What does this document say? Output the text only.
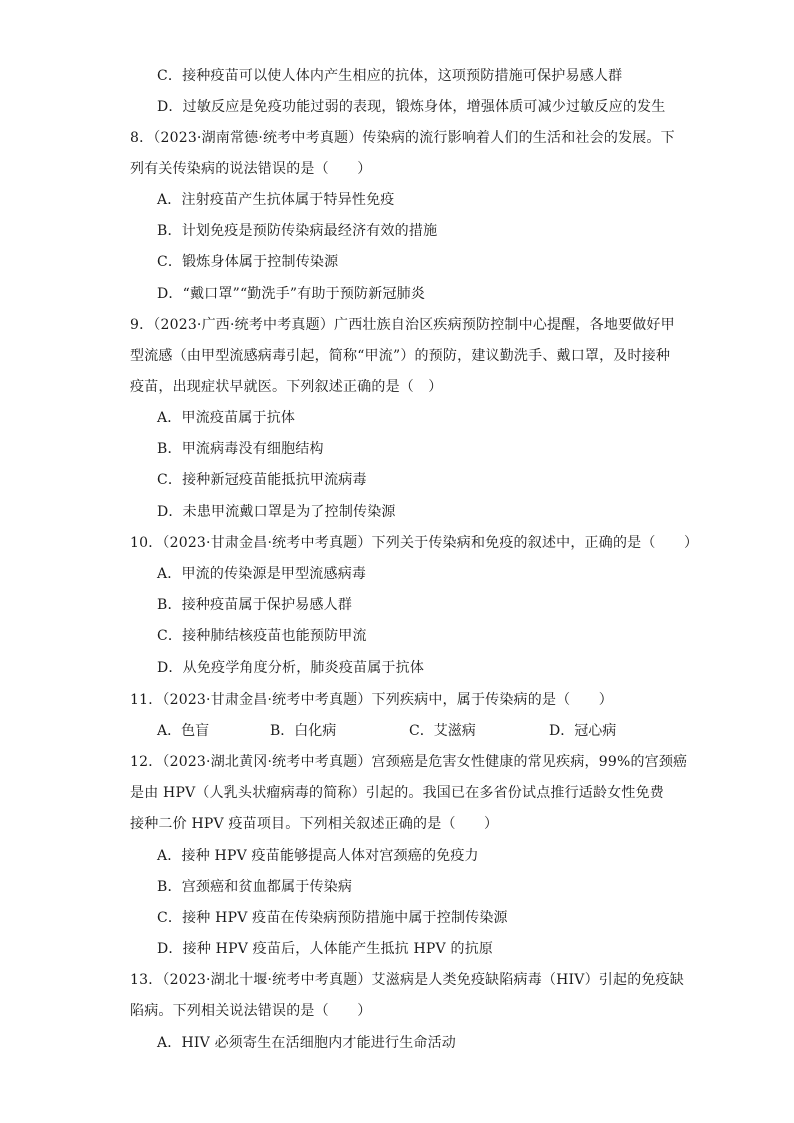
C．接种疫苗可以使人体内产生相应的抗体，这项预防措施可保护易感人群
D．过敏反应是免疫功能过弱的表现，锻炼身体，增强体质可减少过敏反应的发生
8．（2023·湖南常德·统考中考真题）传染病的流行影响着人们的生活和社会的发展。下
列有关传染病的说法错误的是（　　）
A．注射疫苗产生抗体属于特异性免疫
B．计划免疫是预防传染病最经济有效的措施
C．锻炼身体属于控制传染源
D．“戴口罩”“勤洗手”有助于预防新冠肺炎
9．（2023·广西·统考中考真题）广西壮族自治区疾病预防控制中心提醒，各地要做好甲
型流感（由甲型流感病毒引起，简称“甲流”）的预防，建议勤洗手、戴口罩，及时接种
疫苗，出现症状早就医。下列叙述正确的是（　）
A．甲流疫苗属于抗体
B．甲流病毒没有细胞结构
C．接种新冠疫苗能抵抗甲流病毒
D．未患甲流戴口罩是为了控制传染源
10．（2023·甘肃金昌·统考中考真题）下列关于传染病和免疫的叙述中，正确的是（　　）
A．甲流的传染源是甲型流感病毒
B．接种疫苗属于保护易感人群
C．接种肺结核疫苗也能预防甲流
D．从免疫学角度分析，肺炎疫苗属于抗体
11．（2023·甘肃金昌·统考中考真题）下列疾病中，属于传染病的是（　　）
A．色盲	B．白化病	C．艾滋病	D．冠心病
12．（2023·湖北黄冈·统考中考真题）宫颈癌是危害女性健康的常见疾病，99%的宫颈癌
是由 HPV（人乳头状瘤病毒的简称）引起的。我国已在多省份试点推行适龄女性免费
接种二价 HPV 疫苗项目。下列相关叙述正确的是（　　）
A．接种 HPV 疫苗能够提高人体对宫颈癌的免疫力
B．宫颈癌和贫血都属于传染病
C．接种 HPV 疫苗在传染病预防措施中属于控制传染源
D．接种 HPV 疫苗后，人体能产生抵抗 HPV 的抗原
13．（2023·湖北十堰·统考中考真题）艾滋病是人类免疫缺陷病毒（HIV）引起的免疫缺
陷病。下列相关说法错误的是（　　）
A．HIV 必须寄生在活细胞内才能进行生命活动
